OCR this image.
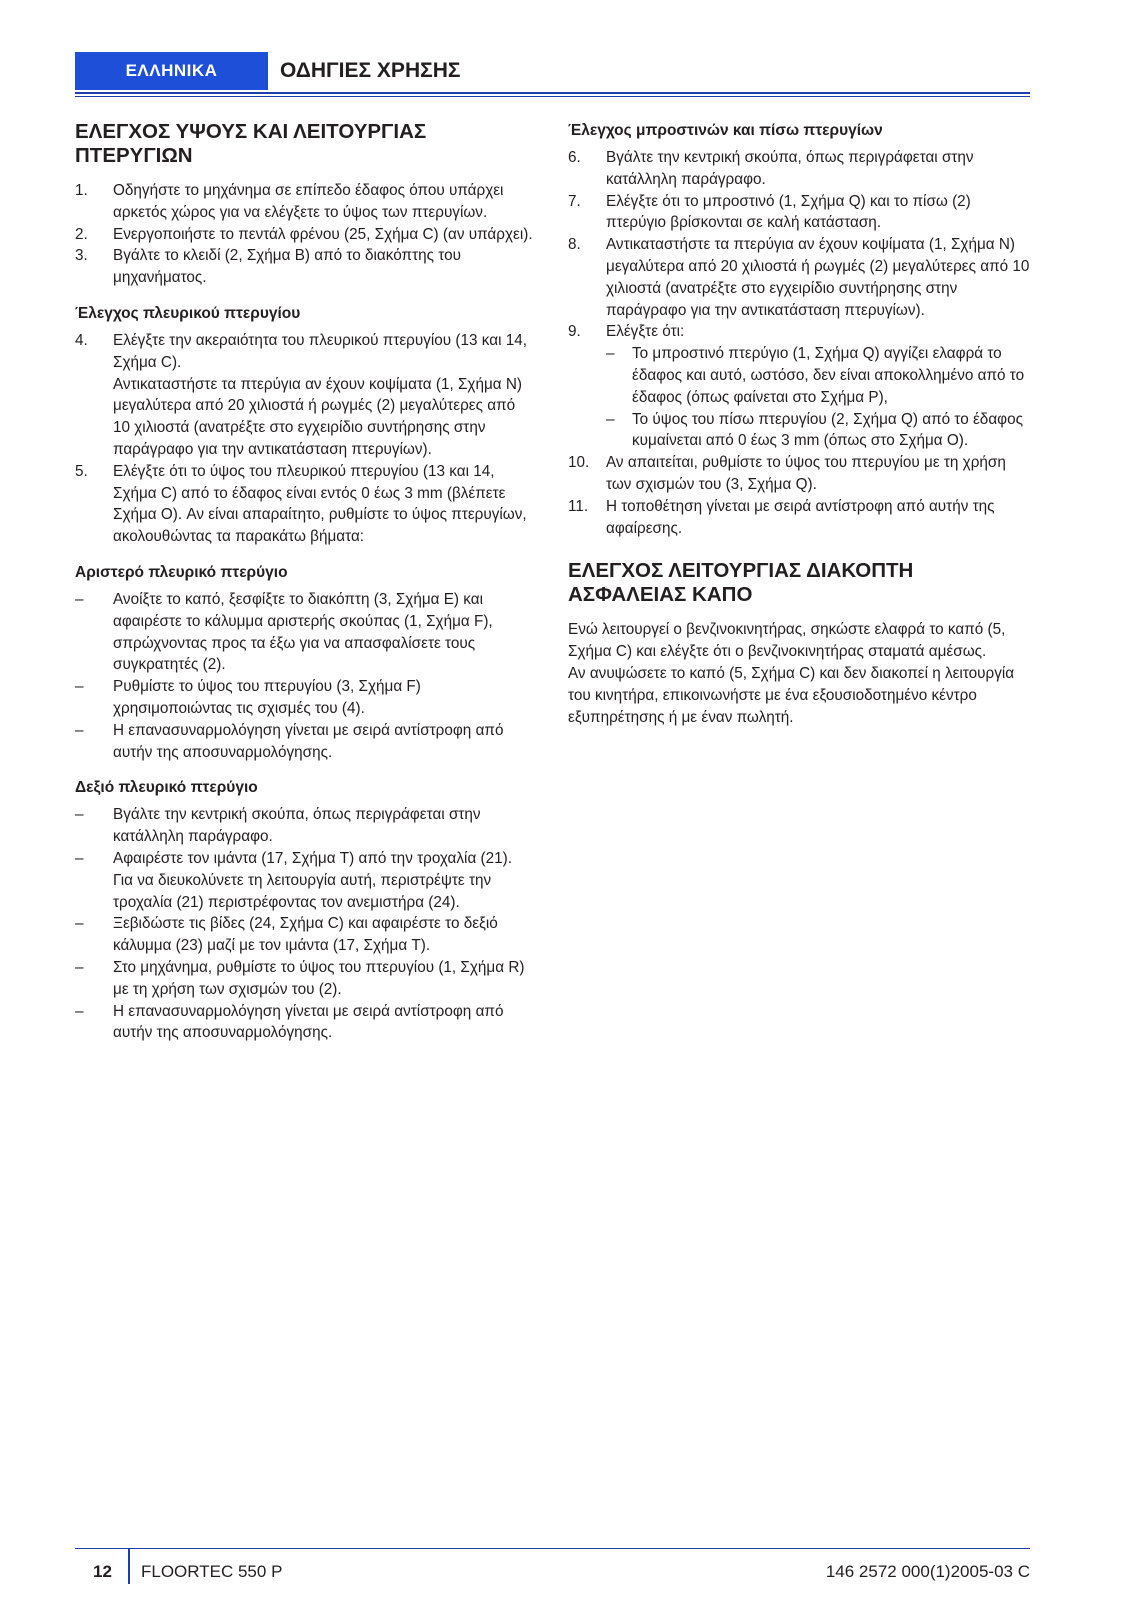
ΕΛΛΗΝΙΚΑ	ΟΔΗΓΙΕΣ ΧΡΗΣΗΣ
ΕΛΕΓΧΟΣ ΥΨΟΥΣ ΚΑΙ ΛΕΙΤΟΥΡΓΙΑΣ ΠΤΕΡΥΓΙΩΝ
1. Οδηγήστε το μηχάνημα σε επίπεδο έδαφος όπου υπάρχει αρκετός χώρος για να ελέγξετε το ύψος των πτερυγίων.
2. Ενεργοποιήστε το πεντάλ φρένου (25, Σχήμα C) (αν υπάρχει).
3. Βγάλτε το κλειδί (2, Σχήμα B) από το διακόπτης του μηχανήματος.
Έλεγχος πλευρικού πτερυγίου
4. Ελέγξτε την ακεραιότητα του πλευρικού πτερυγίου (13 και 14, Σχήμα C).
Αντικαταστήστε τα πτερύγια αν έχουν κοψίματα (1, Σχήμα N) μεγαλύτερα από 20 χιλιοστά ή ρωγμές (2) μεγαλύτερες από 10 χιλιοστά (ανατρέξτε στο εγχειρίδιο συντήρησης στην παράγραφο για την αντικατάσταση πτερυγίων).
5. Ελέγξτε ότι το ύψος του πλευρικού πτερυγίου (13 και 14, Σχήμα C) από το έδαφος είναι εντός 0 έως 3 mm (βλέπετε Σχήμα O). Αν είναι απαραίτητο, ρυθμίστε το ύψος πτερυγίων, ακολουθώντας τα παρακάτω βήματα:
Αριστερό πλευρικό πτερύγιο
– Ανοίξτε το καπό, ξεσφίξτε το διακόπτη (3, Σχήμα E) και αφαιρέστε το κάλυμμα αριστερής σκούπας (1, Σχήμα F), σπρώχνοντας προς τα έξω για να απασφαλίσετε τους συγκρατητές (2).
– Ρυθμίστε το ύψος του πτερυγίου (3, Σχήμα F) χρησιμοποιώντας τις σχισμές του (4).
– Η επανασυναρμολόγηση γίνεται με σειρά αντίστροφη από αυτήν της αποσυναρμολόγησης.
Δεξιό πλευρικό πτερύγιο
– Βγάλτε την κεντρική σκούπα, όπως περιγράφεται στην κατάλληλη παράγραφο.
– Αφαιρέστε τον ιμάντα (17, Σχήμα T) από την τροχαλία (21). Για να διευκολύνετε τη λειτουργία αυτή, περιστρέψτε την τροχαλία (21) περιστρέφοντας τον ανεμιστήρα (24).
– Ξεβιδώστε τις βίδες (24, Σχήμα C) και αφαιρέστε το δεξιό κάλυμμα (23) μαζί με τον ιμάντα (17, Σχήμα T).
– Στο μηχάνημα, ρυθμίστε το ύψος του πτερυγίου (1, Σχήμα R) με τη χρήση των σχισμών του (2).
– Η επανασυναρμολόγηση γίνεται με σειρά αντίστροφη από αυτήν της αποσυναρμολόγησης.
Έλεγχος μπροστινών και πίσω πτερυγίων
6. Βγάλτε την κεντρική σκούπα, όπως περιγράφεται στην κατάλληλη παράγραφο.
7. Ελέγξτε ότι το μπροστινό (1, Σχήμα Q) και το πίσω (2) πτερύγιο βρίσκονται σε καλή κατάσταση.
8. Αντικαταστήστε τα πτερύγια αν έχουν κοψίματα (1, Σχήμα N) μεγαλύτερα από 20 χιλιοστά ή ρωγμές (2) μεγαλύτερες από 10 χιλιοστά (ανατρέξτε στο εγχειρίδιο συντήρησης στην παράγραφο για την αντικατάσταση πτερυγίων).
9. Ελέγξτε ότι:
– Το μπροστινό πτερύγιο (1, Σχήμα Q) αγγίζει ελαφρά το έδαφος και αυτό, ωστόσο, δεν είναι αποκολλημένο από το έδαφος (όπως φαίνεται στο Σχήμα P),
– Το ύψος του πίσω πτερυγίου (2, Σχήμα Q) από το έδαφος κυμαίνεται από 0 έως 3 mm (όπως στο Σχήμα O).
10. Αν απαιτείται, ρυθμίστε το ύψος του πτερυγίου με τη χρήση των σχισμών του (3, Σχήμα Q).
11. Η τοποθέτηση γίνεται με σειρά αντίστροφη από αυτήν της αφαίρεσης.
ΕΛΕΓΧΟΣ ΛΕΙΤΟΥΡΓΙΑΣ ΔΙΑΚΟΠΤΗ ΑΣΦΑΛΕΙΑΣ ΚΑΠΟ

Ενώ λειτουργεί ο βενζινοκινητήρας, σηκώστε ελαφρά το καπό (5, Σχήμα C) και ελέγξτε ότι ο βενζινοκινητήρας σταματά αμέσως.

Αν ανυψώσετε το καπό (5, Σχήμα C) και δεν διακοπεί η λειτουργία του κινητήρα, επικοινωνήστε με ένα εξουσιοδοτημένο κέντρο εξυπηρέτησης ή με έναν πωλητή.

12 FLOORTEC 550 P	146 2572 000(1)2005-03 C
